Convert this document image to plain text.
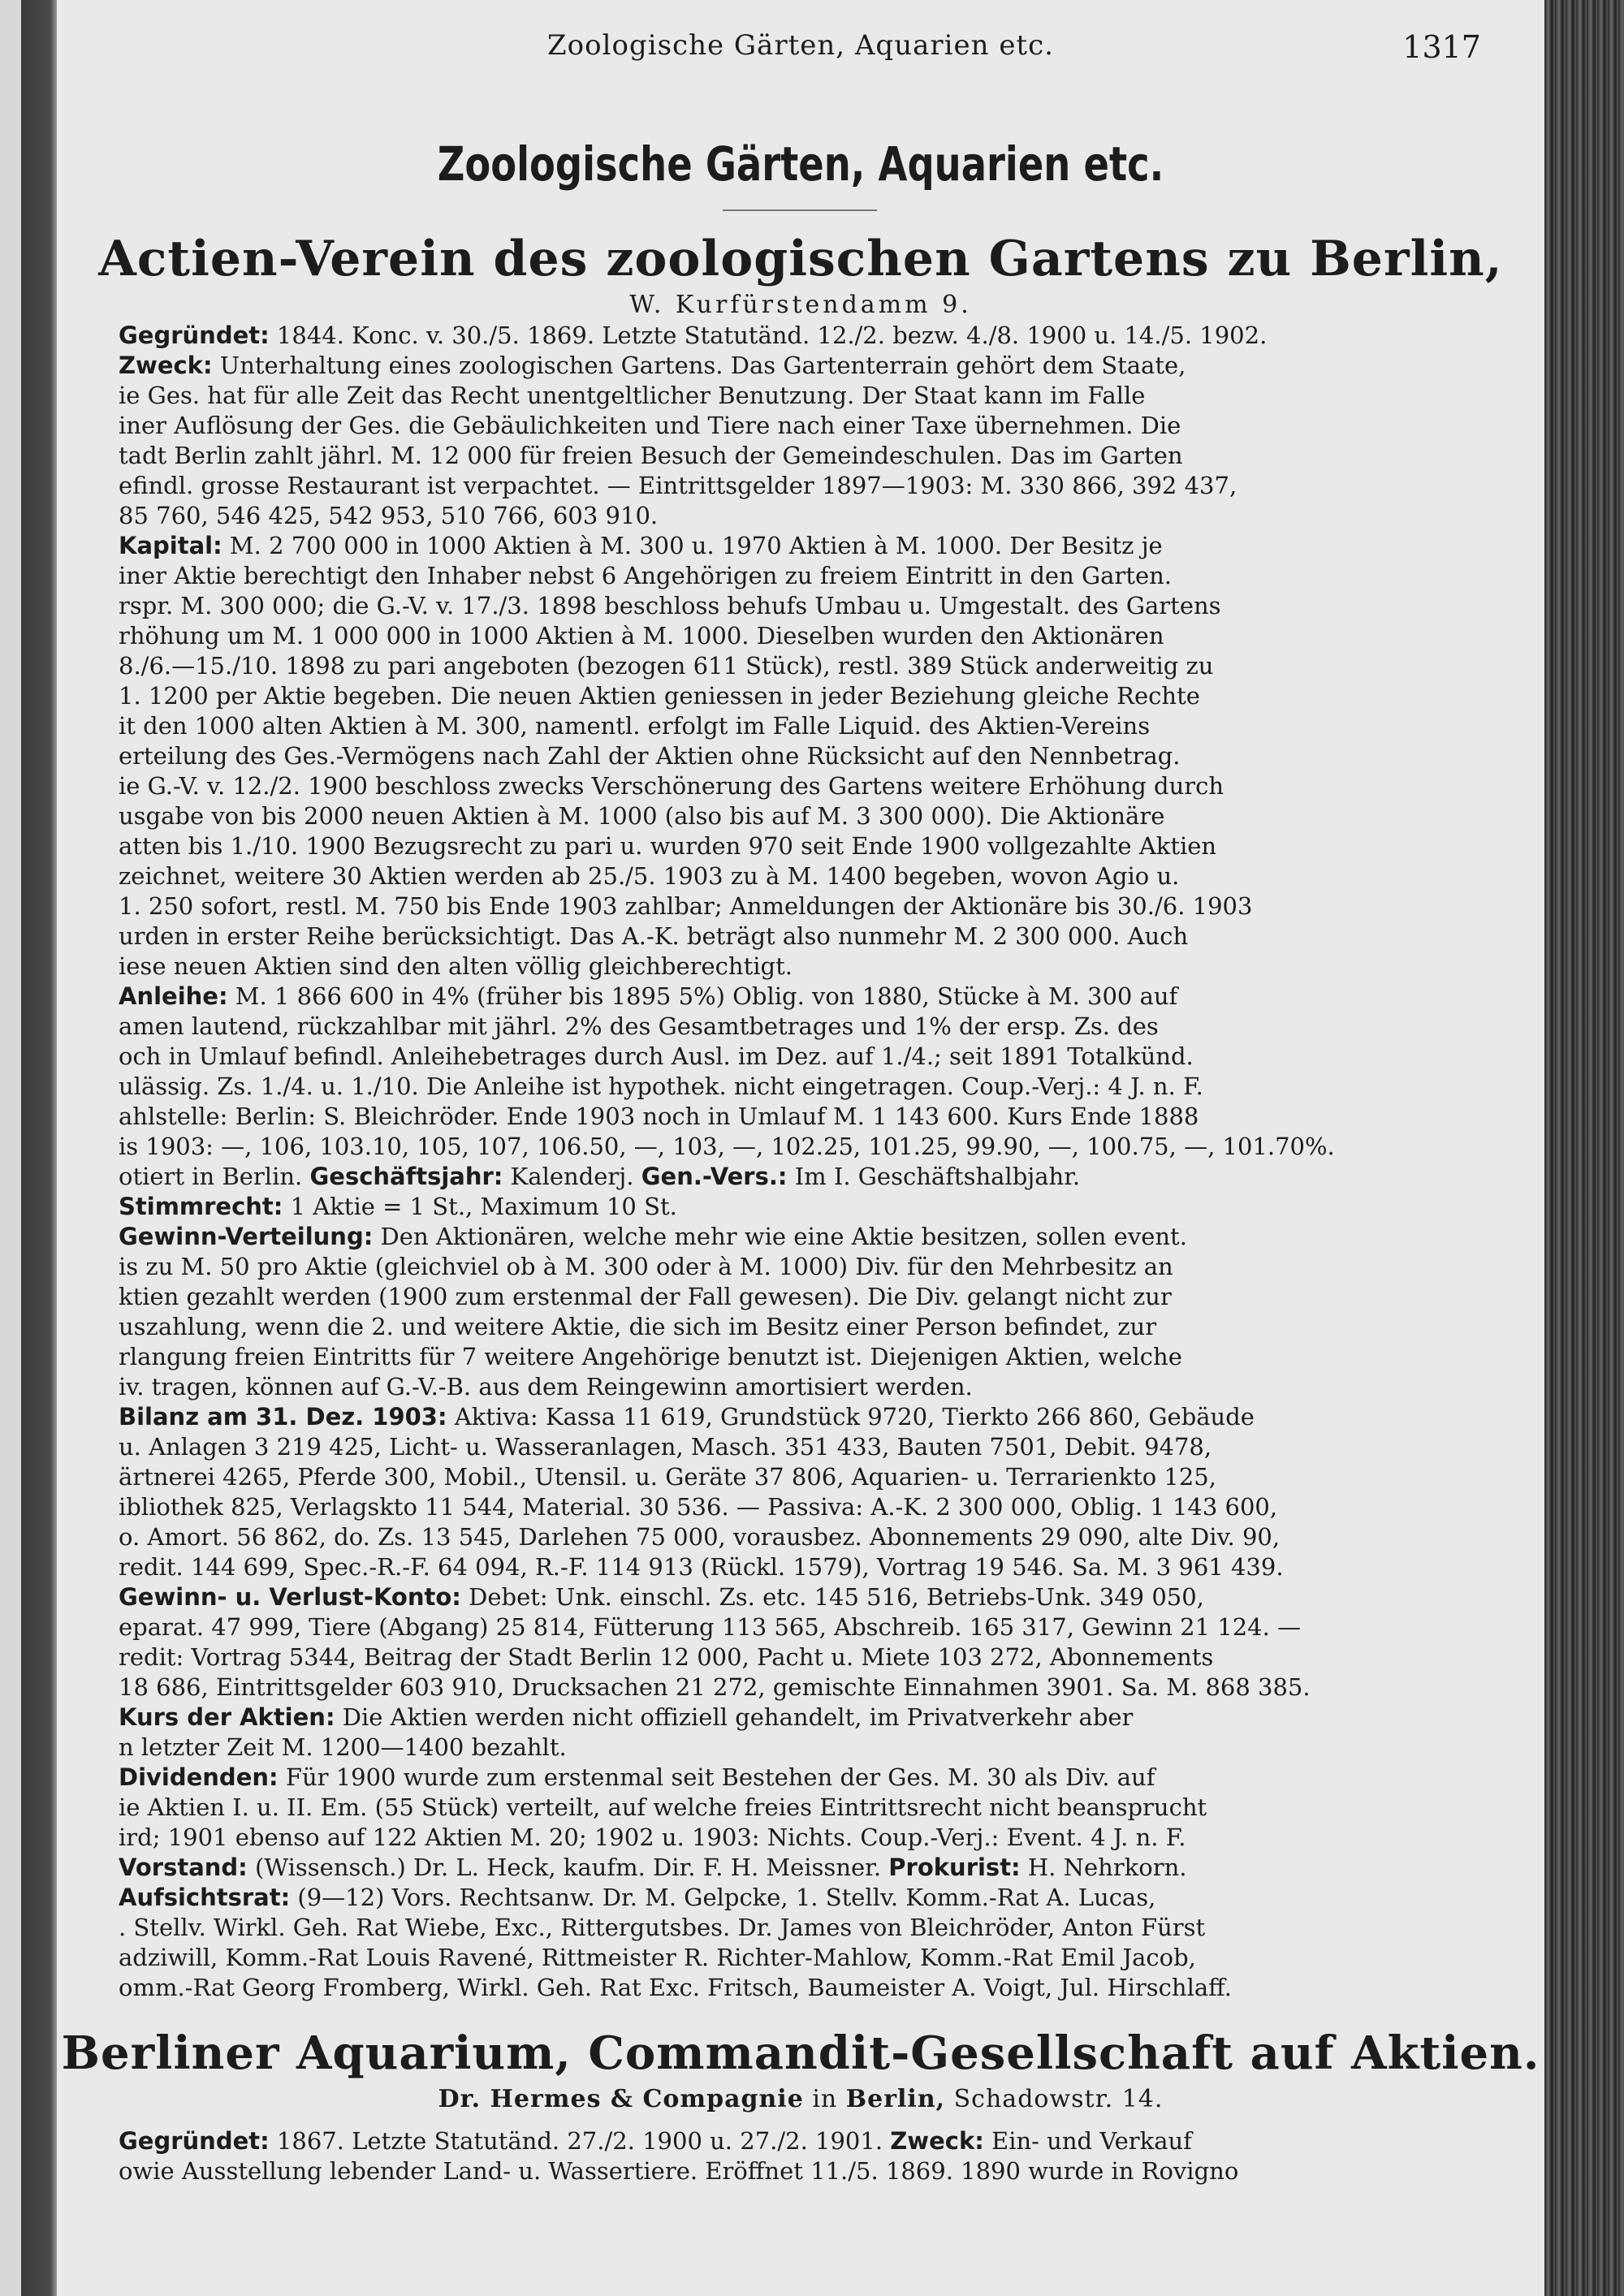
Zoologische Gärten, Aquarien etc.	1317
Zoologische Gärten, Aquarien etc.
Actien-Verein des zoologischen Gartens zu Berlin,
W. Kurfürstendamm 9.
Gegründet: 1844. Konc. v. 30./5. 1869. Letzte Statutänd. 12./2. bezw. 4./8. 1900 u. 14./5. 1902.
Zweck: Unterhaltung eines zoologischen Gartens. Das Gartenterrain gehört dem Staate,
ie Ges. hat für alle Zeit das Recht unentgeltlicher Benutzung. Der Staat kann im Falle
iner Auflösung der Ges. die Gebäulichkeiten und Tiere nach einer Taxe übernehmen. Die
tadt Berlin zahlt jährl. M. 12 000 für freien Besuch der Gemeindeschulen. Das im Garten
efindl. grosse Restaurant ist verpachtet. — Eintrittsgelder 1897—1903: M. 330 866, 392 437,
85 760, 546 425, 542 953, 510 766, 603 910.
Kapital: M. 2 700 000 in 1000 Aktien à M. 300 u. 1970 Aktien à M. 1000. Der Besitz je
iner Aktie berechtigt den Inhaber nebst 6 Angehörigen zu freiem Eintritt in den Garten.
rspr. M. 300 000; die G.-V. v. 17./3. 1898 beschloss behufs Umbau u. Umgestalt. des Gartens
rhöhung um M. 1 000 000 in 1000 Aktien à M. 1000. Dieselben wurden den Aktionären
8./6.—15./10. 1898 zu pari angeboten (bezogen 611 Stück), restl. 389 Stück anderweitig zu
1. 1200 per Aktie begeben. Die neuen Aktien geniessen in jeder Beziehung gleiche Rechte
it den 1000 alten Aktien à M. 300, namentl. erfolgt im Falle Liquid. des Aktien-Vereins
erteilung des Ges.-Vermögens nach Zahl der Aktien ohne Rücksicht auf den Nennbetrag.
ie G.-V. v. 12./2. 1900 beschloss zwecks Verschönerung des Gartens weitere Erhöhung durch
usgabe von bis 2000 neuen Aktien à M. 1000 (also bis auf M. 3 300 000). Die Aktionäre
atten bis 1./10. 1900 Bezugsrecht zu pari u. wurden 970 seit Ende 1900 vollgezahlte Aktien
zeichnet, weitere 30 Aktien werden ab 25./5. 1903 zu à M. 1400 begeben, wovon Agio u.
1. 250 sofort, restl. M. 750 bis Ende 1903 zahlbar; Anmeldungen der Aktionäre bis 30./6. 1903
urden in erster Reihe berücksichtigt. Das A.-K. beträgt also nunmehr M. 2 300 000. Auch
iese neuen Aktien sind den alten völlig gleichberechtigt.
Anleihe: M. 1 866 600 in 4% (früher bis 1895 5%) Oblig. von 1880, Stücke à M. 300 auf
amen lautend, rückzahlbar mit jährl. 2% des Gesamtbetrages und 1% der ersp. Zs. des
och in Umlauf befindl. Anleihebetrages durch Ausl. im Dez. auf 1./4.; seit 1891 Totalkünd.
ulässig. Zs. 1./4. u. 1./10. Die Anleihe ist hypothek. nicht eingetragen. Coup.-Verj.: 4 J. n. F.
ahlstelle: Berlin: S. Bleichröder. Ende 1903 noch in Umlauf M. 1 143 600. Kurs Ende 1888
is 1903: —, 106, 103.10, 105, 107, 106.50, —, 103, —, 102.25, 101.25, 99.90, —, 100.75, —, 101.70%.
otiert in Berlin. Geschäftsjahr: Kalenderj. Gen.-Vers.: Im I. Geschäftshalbjahr.
Stimmrecht: 1 Aktie = 1 St., Maximum 10 St.
Gewinn-Verteilung: Den Aktionären, welche mehr wie eine Aktie besitzen, sollen event.
is zu M. 50 pro Aktie (gleichviel ob à M. 300 oder à M. 1000) Div. für den Mehrbesitz an
ktien gezahlt werden (1900 zum erstenmal der Fall gewesen). Die Div. gelangt nicht zur
uszahlung, wenn die 2. und weitere Aktie, die sich im Besitz einer Person befindet, zur
rlangung freien Eintritts für 7 weitere Angehörige benutzt ist. Diejenigen Aktien, welche
iv. tragen, können auf G.-V.-B. aus dem Reingewinn amortisiert werden.
Bilanz am 31. Dez. 1903: Aktiva: Kassa 11 619, Grundstück 9720, Tierkto 266 860, Gebäude
u. Anlagen 3 219 425, Licht- u. Wasseranlagen, Masch. 351 433, Bauten 7501, Debit. 9478,
ärtnerei 4265, Pferde 300, Mobil., Utensil. u. Geräte 37 806, Aquarien- u. Terrarienkto 125,
ibliothek 825, Verlagskto 11 544, Material. 30 536. — Passiva: A.-K. 2 300 000, Oblig. 1 143 600,
o. Amort. 56 862, do. Zs. 13 545, Darlehen 75 000, vorausbez. Abonnements 29 090, alte Div. 90,
redit. 144 699, Spec.-R.-F. 64 094, R.-F. 114 913 (Rückl. 1579), Vortrag 19 546. Sa. M. 3 961 439.
Gewinn- u. Verlust-Konto: Debet: Unk. einschl. Zs. etc. 145 516, Betriebs-Unk. 349 050,
eparat. 47 999, Tiere (Abgang) 25 814, Fütterung 113 565, Abschreib. 165 317, Gewinn 21 124. —
redit: Vortrag 5344, Beitrag der Stadt Berlin 12 000, Pacht u. Miete 103 272, Abonnements
18 686, Eintrittsgelder 603 910, Drucksachen 21 272, gemischte Einnahmen 3901. Sa. M. 868 385.
Kurs der Aktien: Die Aktien werden nicht offiziell gehandelt, im Privatverkehr aber
n letzter Zeit M. 1200—1400 bezahlt.
Dividenden: Für 1900 wurde zum erstenmal seit Bestehen der Ges. M. 30 als Div. auf
ie Aktien I. u. II. Em. (55 Stück) verteilt, auf welche freies Eintrittsrecht nicht beansprucht
ird; 1901 ebenso auf 122 Aktien M. 20; 1902 u. 1903: Nichts. Coup.-Verj.: Event. 4 J. n. F.
Vorstand: (Wissensch.) Dr. L. Heck, kaufm. Dir. F. H. Meissner. Prokurist: H. Nehrkorn.
Aufsichtsrat: (9—12) Vors. Rechtsanw. Dr. M. Gelpcke, 1. Stellv. Komm.-Rat A. Lucas,
. Stellv. Wirkl. Geh. Rat Wiebe, Exc., Rittergutsbes. Dr. James von Bleichröder, Anton Fürst
adziwill, Komm.-Rat Louis Ravené, Rittmeister R. Richter-Mahlow, Komm.-Rat Emil Jacob,
omm.-Rat Georg Fromberg, Wirkl. Geh. Rat Exc. Fritsch, Baumeister A. Voigt, Jul. Hirschlaff.
Berliner Aquarium, Commandit-Gesellschaft auf Aktien.
Dr. Hermes & Compagnie in Berlin, Schadowstr. 14.
Gegründet: 1867. Letzte Statutänd. 27./2. 1900 u. 27./2. 1901. Zweck: Ein- und Verkauf
owie Ausstellung lebender Land- u. Wassertiere. Eröffnet 11./5. 1869. 1890 wurde in Rovigno
